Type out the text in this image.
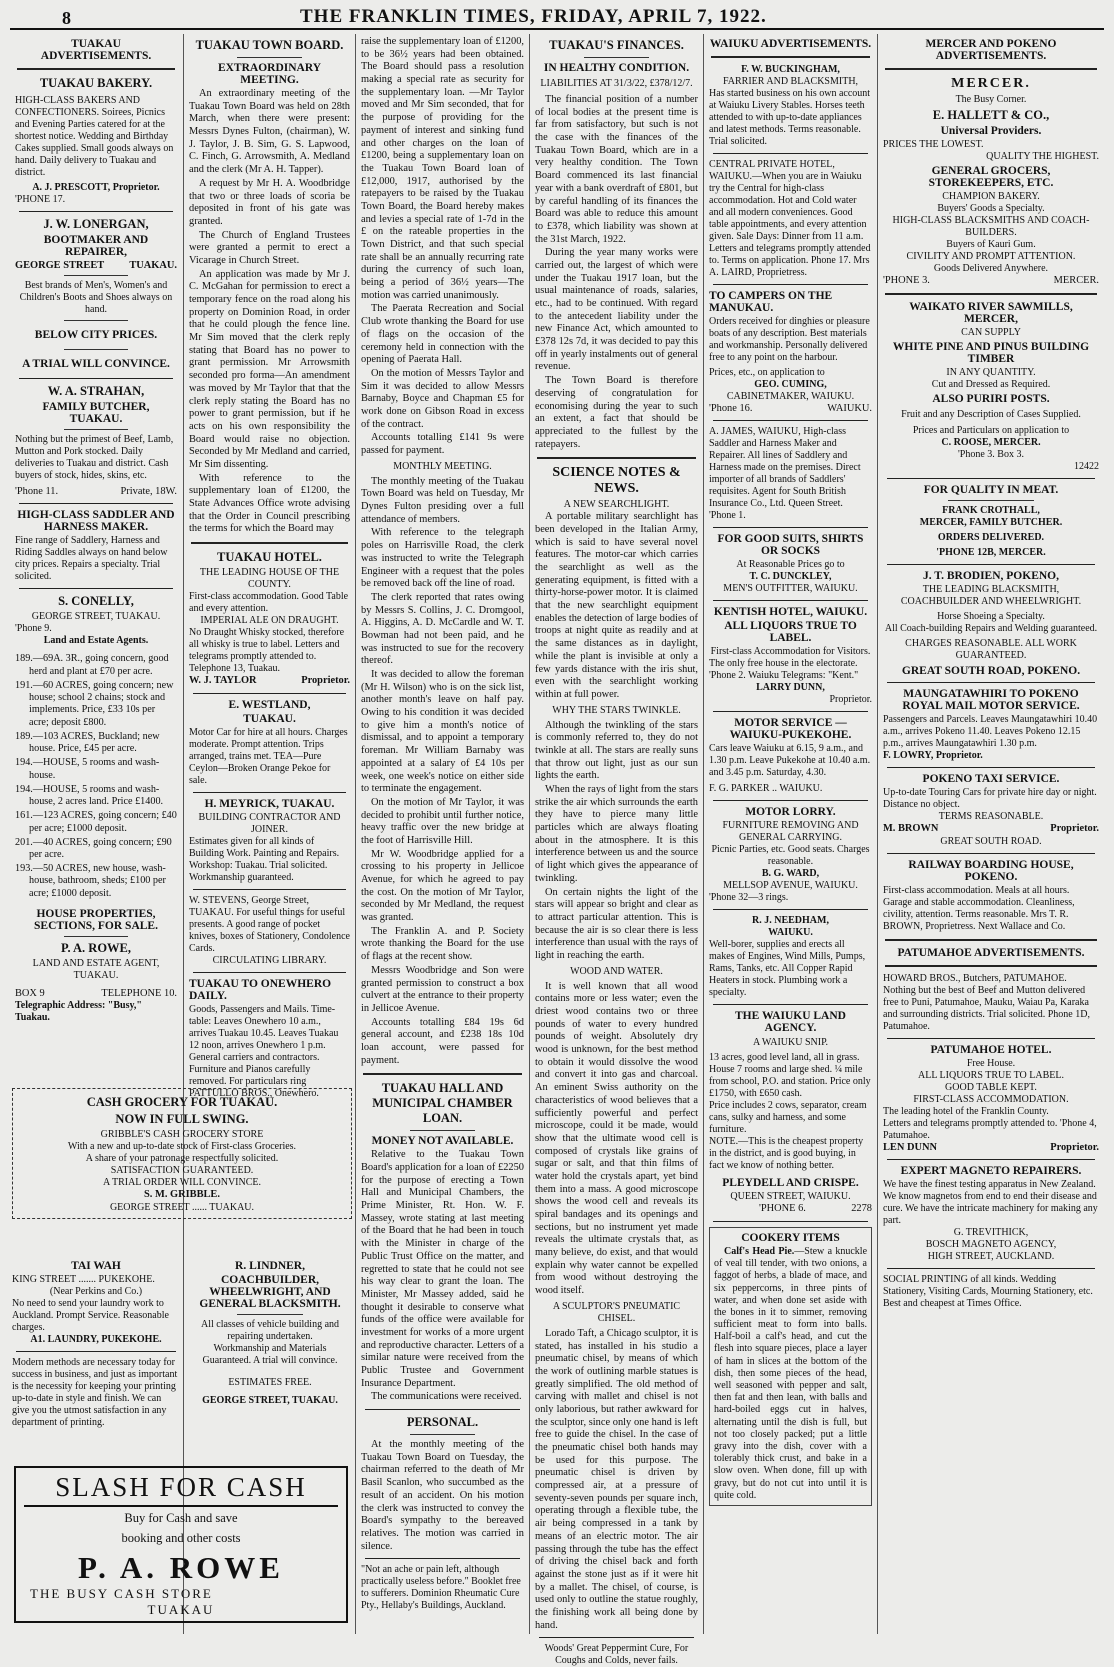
8	THE FRANKLIN TIMES, FRIDAY, APRIL 7, 1922.
TUAKAU ADVERTISEMENTS.
TUAKAU BAKERY.
HIGH-CLASS BAKERS AND CONFECTIONERS. Soirees, Picnics and Evening Parties catered for at the shortest notice. Wedding and Birthday Cakes supplied. Small goods always on hand. Daily delivery to Tuakau and district.
A. J. PRESCOTT, Proprietor.
'PHONE 17.
J. W. LONERGAN,
BOOTMAKER AND REPAIRER,
GEORGE STREET TUAKAU.
Best brands of Men's, Women's and Children's Boots and Shoes always on hand.
BELOW CITY PRICES.
A TRIAL WILL CONVINCE.
W. A. STRAHAN,
FAMILY BUTCHER, TUAKAU.
Nothing but the primest of Beef, Lamb, Mutton and Pork stocked. Daily deliveries to Tuakau and district. Cash buyers of stock, hides, skins, etc.
'Phone 11.	Private, 18W.
HIGH-CLASS SADDLER AND HARNESS MAKER.
Fine range of Saddlery, Harness and Riding Saddles always on hand below city prices. Repairs a specialty. Trial solicited.
S. CONELLY,
GEORGE STREET, TUAKAU.
'Phone 9.
Land and Estate Agents.
189.—69A. 3R., going concern, good herd and plant at £70 per acre.
191.—60 ACRES, going concern; new house; school 2 chains; stock and implements. Price, £33 10s per acre; deposit £800.
189.—103 ACRES, Buckland; new house. Price, £45 per acre.
194.—HOUSE, 5 rooms and wash-house.
194.—HOUSE, 5 rooms and wash-house, 2 acres land. Price £1400.
161.—123 ACRES, going concern; £40 per acre; £1000 deposit.
201.—40 ACRES, going concern; £90 per acre.
193.—50 ACRES, new house, wash-house, bathroom, sheds; £100 per acre; £1000 deposit.
HOUSE PROPERTIES, SECTIONS, FOR SALE.
P. A. ROWE,
LAND AND ESTATE AGENT, TUAKAU.
BOX 9	TELEPHONE 10.
Telegraphic Address: "Busy," Tuakau.
CASH GROCERY FOR TUAKAU.
NOW IN FULL SWING.
GRIBBLE'S CASH GROCERY STORE
With a new and up-to-date stock of First-class Groceries.
A share of your patronage respectfully solicited.
SATISFACTION GUARANTEED.
A TRIAL ORDER WILL CONVINCE.
S. M. GRIBBLE.
GEORGE STREET ...... TUAKAU.
TAI WAH
KING STREET ....... PUKEKOHE.
(Near Perkins and Co.)
No need to send your laundry work to Auckland. Prompt Service. Reasonable charges.
A1. LAUNDRY, PUKEKOHE.
Modern methods are necessary today for success in business, and just as important is the necessity for keeping your printing up-to-date in style and finish. We can give you the utmost satisfaction in any department of printing.
R. LINDNER,
COACHBUILDER, WHEELWRIGHT, AND GENERAL BLACKSMITH.
All classes of vehicle building and repairing undertaken.
Workmanship and Materials Guaranteed. A trial will convince.
ESTIMATES FREE.
GEORGE STREET, TUAKAU.
SLASH FOR CASH
Buy for Cash and save
booking and other costs
P. A. ROWE
THE BUSY CASH STORE
TUAKAU
TUAKAU TOWN BOARD.
EXTRAORDINARY MEETING.

An extraordinary meeting of the Tuakau Town Board was held on 28th March, when there were present: Messrs Dynes Fulton, (chairman), W. J. Taylor, J. B. Sim, G. S. Lapwood, C. Finch, G. Arrowsmith, A. Medland and the clerk (Mr A. H. Tapper).

A request by Mr H. A. Woodbridge that two or three loads of scoria be deposited in front of his gate was granted.

The Church of England Trustees were granted a permit to erect a Vicarage in Church Street.

An application was made by Mr J. C. McGahan for permission to erect a temporary fence on the road along his property on Dominion Road, in order that he could plough the fence line. Mr Sim moved that the clerk reply stating that Board has no power to grant permission. Mr Arrowsmith seconded pro forma—An amendment was moved by Mr Taylor that that the clerk reply stating the Board has no power to grant permission, but if he acts on his own responsibility the Board would raise no objection. Seconded by Mr Medland and carried, Mr Sim dissenting.

With reference to the supplementary loan of £1200, the State Advances Office wrote advising that the Order in Council prescribing the terms for which the Board may

TUAKAU HOTEL.
THE LEADING HOUSE OF THE COUNTY.
First-class accommodation. Good Table and every attention.
IMPERIAL ALE ON DRAUGHT.
No Draught Whisky stocked, therefore all whisky is true to label. Letters and telegrams promptly attended to. Telephone 13, Tuakau.
W. J. TAYLOR	Proprietor.
E. WESTLAND,
TUAKAU.
Motor Car for hire at all hours. Charges moderate. Prompt attention. Trips arranged, trains met. TEA—Pure Ceylon—Broken Orange Pekoe for sale.
H. MEYRICK, TUAKAU.
BUILDING CONTRACTOR AND JOINER.
Estimates given for all kinds of Building Work. Painting and Repairs. Workshop: Tuakau. Trial solicited. Workmanship guaranteed.
W. STEVENS, George Street, TUAKAU. For useful things for useful presents. A good range of pocket knives, boxes of Stationery, Condolence Cards.
CIRCULATING LIBRARY.
TUAKAU TO ONEWHERO DAILY.
Goods, Passengers and Mails. Time-table: Leaves Onewhero 10 a.m., arrives Tuakau 10.45. Leaves Tuakau 12 noon, arrives Onewhero 1 p.m. General carriers and contractors. Furniture and Pianos carefully removed. For particulars ring PATTULLO BROS., Onewhero.

raise the supplementary loan of £1200, to be 36½ years had been obtained. The Board should pass a resolution making a special rate as security for the supplementary loan. —Mr Taylor moved and Mr Sim seconded, that for the purpose of providing for the payment of interest and sinking fund and other charges on the loan of £1200, being a supplementary loan on the Tuakau Town Board loan of £12,000, 1917, authorised by the ratepayers to be raised by the Tuakau Town Board, the Board hereby makes and levies a special rate of 1-7d in the £ on the rateable properties in the Town District, and that such special rate shall be an annually recurring rate during the currency of such loan, being a period of 36½ years—The motion was carried unanimously.

The Paerata Recreation and Social Club wrote thanking the Board for use of flags on the occasion of the ceremony held in connection with the opening of Paerata Hall.

On the motion of Messrs Taylor and Sim it was decided to allow Messrs Barnaby, Boyce and Chapman £5 for work done on Gibson Road in excess of the contract.

Accounts totalling £141 9s were passed for payment.

MONTHLY MEETING.

The monthly meeting of the Tuakau Town Board was held on Tuesday, Mr Dynes Fulton presiding over a full attendance of members.

With reference to the telegraph poles on Harrisville Road, the clerk was instructed to write the Telegraph Engineer with a request that the poles be removed back off the line of road.

The clerk reported that rates owing by Messrs S. Collins, J. C. Dromgool, A. Higgins, A. D. McCardle and W. T. Bowman had not been paid, and he was instructed to sue for the recovery thereof.

It was decided to allow the foreman (Mr H. Wilson) who is on the sick list, another month's leave on half pay. Owing to his condition it was decided to give him a month's notice of dismissal, and to appoint a temporary foreman. Mr William Barnaby was appointed at a salary of £4 10s per week, one week's notice on either side to terminate the engagement.

On the motion of Mr Taylor, it was decided to prohibit until further notice, heavy traffic over the new bridge at the foot of Harrisville Hill.

Mr W. Woodbridge applied for a crossing to his property in Jellicoe Avenue, for which he agreed to pay the cost. On the motion of Mr Taylor, seconded by Mr Medland, the request was granted.

The Franklin A. and P. Society wrote thanking the Board for the use of flags at the recent show.

Messrs Woodbridge and Son were granted permission to construct a box culvert at the entrance to their property in Jellicoe Avenue.

Accounts totalling £84 19s 6d general account, and £238 18s 10d loan account, were passed for payment.

TUAKAU HALL AND MUNICIPAL CHAMBER LOAN.
MONEY NOT AVAILABLE.

Relative to the Tuakau Town Board's application for a loan of £2250 for the purpose of erecting a Town Hall and Municipal Chambers, the Prime Minister, Rt. Hon. W. F. Massey, wrote stating at last meeting of the Board that he had been in touch with the Minister in charge of the Public Trust Office on the matter, and regretted to state that he could not see his way clear to grant the loan. The Minister, Mr Massey added, said he thought it desirable to conserve what funds of the office were available for investment for works of a more urgent and reproductive character. Letters of a similar nature were received from the Public Trustee and Government Insurance Department.

The communications were received.

PERSONAL.

At the monthly meeting of the Tuakau Town Board on Tuesday, the chairman referred to the death of Mr Basil Scanlon, who succumbed as the result of an accident. On his motion the clerk was instructed to convey the Board's sympathy to the bereaved relatives. The motion was carried in silence.

"Not an ache or pain left, although practically useless before." Booklet free to sufferers. Dominion Rheumatic Cure Pty., Hellaby's Buildings, Auckland.
TUAKAU'S FINANCES.
IN HEALTHY CONDITION.
LIABILITIES AT 31/3/22, £378/12/7.

The financial position of a number of local bodies at the present time is far from satisfactory, but such is not the case with the finances of the Tuakau Town Board, which are in a very healthy condition. The Town Board commenced its last financial year with a bank overdraft of £801, but by careful handling of its finances the Board was able to reduce this amount to £378, which liability was shown at the 31st March, 1922.

During the year many works were carried out, the largest of which were under the Tuakau 1917 loan, but the usual maintenance of roads, salaries, etc., had to be continued. With regard to the antecedent liability under the new Finance Act, which amounted to £378 12s 7d, it was decided to pay this off in yearly instalments out of general revenue.

The Town Board is therefore deserving of congratulation for economising during the year to such an extent, a fact that should be appreciated to the fullest by the ratepayers.

SCIENCE NOTES & NEWS.
A NEW SEARCHLIGHT.

A portable military searchlight has been developed in the Italian Army, which is said to have several novel features. The motor-car which carries the searchlight as well as the generating equipment, is fitted with a thirty-horse-power motor. It is claimed that the new searchlight equipment enables the detection of large bodies of troops at night quite as readily and at the same distances as in daylight, while the plant is invisible at only a few yards distance with the iris shut, even with the searchlight working within at full power.

WHY THE STARS TWINKLE.

Although the twinkling of the stars is commonly referred to, they do not twinkle at all. The stars are really suns that throw out light, just as our sun lights the earth.

When the rays of light from the stars strike the air which surrounds the earth they have to pierce many little particles which are always floating about in the atmosphere. It is this interference between us and the source of light which gives the appearance of twinkling.

On certain nights the light of the stars will appear so bright and clear as to attract particular attention. This is because the air is so clear there is less interference than usual with the rays of light in reaching the earth.

WOOD AND WATER.

It is well known that all wood contains more or less water; even the driest wood contains two or three pounds of water to every hundred pounds of weight. Absolutely dry wood is unknown, for the best method to obtain it would dissolve the wood and convert it into gas and charcoal. An eminent Swiss authority on the characteristics of wood believes that a sufficiently powerful and perfect microscope, could it be made, would show that the ultimate wood cell is composed of crystals like grains of sugar or salt, and that thin films of water hold the crystals apart, yet bind them into a mass. A good microscope shows the wood cell and reveals its spiral bandages and its openings and sections, but no instrument yet made reveals the ultimate crystals that, as many believe, do exist, and that would explain why water cannot be expelled from wood without destroying the wood itself.

A SCULPTOR'S PNEUMATIC CHISEL.

Lorado Taft, a Chicago sculptor, it is stated, has installed in his studio a pneumatic chisel, by means of which the work of outlining marble statues is greatly simplified. The old method of carving with mallet and chisel is not only laborious, but rather awkward for the sculptor, since only one hand is left free to guide the chisel. In the case of the pneumatic chisel both hands may be used for this purpose. The pneumatic chisel is driven by compressed air, at a pressure of seventy-seven pounds per square inch, operating through a flexible tube, the air being compressed in a tank by means of an electric motor. The air passing through the tube has the effect of driving the chisel back and forth against the stone just as if it were hit by a mallet. The chisel, of course, is used only to outline the statue roughly, the finishing work all being done by hand.

Woods' Great Peppermint Cure, For Coughs and Colds, never fails.
WAIUKU ADVERTISEMENTS.
F. W. BUCKINGHAM,
FARRIER AND BLACKSMITH,
Has started business on his own account at Waiuku Livery Stables. Horses teeth attended to with up-to-date appliances and latest methods. Terms reasonable. Trial solicited.
CENTRAL PRIVATE HOTEL, WAIUKU.—When you are in Waiuku try the Central for high-class accommodation. Hot and Cold water and all modern conveniences. Good table appointments, and every attention given. Sale Days: Dinner from 11 a.m. Letters and telegrams promptly attended to. Terms on application. Phone 17. Mrs A. LAIRD, Proprietress.
TO CAMPERS ON THE MANUKAU.
Orders received for dinghies or pleasure boats of any description. Best materials and workmanship. Personally delivered free to any point on the harbour.
Prices, etc., on application to
GEO. CUMING,
CABINETMAKER, WAIUKU.
'Phone 16.	WAIUKU.
A. JAMES, WAIUKU, High-class Saddler and Harness Maker and Repairer. All lines of Saddlery and Harness made on the premises. Direct importer of all brands of Saddlers' requisites. Agent for South British Insurance Co., Ltd. Queen Street. 'Phone 1.
FOR GOOD SUITS, SHIRTS OR SOCKS
At Reasonable Prices go to
T. C. DUNCKLEY,
MEN'S OUTFITTER, WAIUKU.
KENTISH HOTEL, WAIUKU.
ALL LIQUORS TRUE TO LABEL.
First-class Accommodation for Visitors.
The only free house in the electorate. 'Phone 2. Waiuku Telegrams: "Kent."
LARRY DUNN,
Proprietor.
MOTOR SERVICE — WAIUKU-PUKEKOHE.
Cars leave Waiuku at 6.15, 9 a.m., and 1.30 p.m. Leave Pukekohe at 10.40 a.m. and 3.45 p.m. Saturday, 4.30.
F. G. PARKER .. WAIUKU.
MOTOR LORRY.
FURNITURE REMOVING AND GENERAL CARRYING.
Picnic Parties, etc. Good seats. Charges reasonable.
B. G. WARD,
MELLSOP AVENUE, WAIUKU.
'Phone 32—3 rings.
R. J. NEEDHAM,
WAIUKU.
Well-borer, supplies and erects all makes of Engines, Wind Mills, Pumps, Rams, Tanks, etc. All Copper Rapid Heaters in stock. Plumbing work a specialty.
THE WAIUKU LAND AGENCY.
A WAIUKU SNIP.
13 acres, good level land, all in grass. House 7 rooms and large shed. ¼ mile from school, P.O. and station. Price only £1750, with £650 cash.
Price includes 2 cows, separator, cream cans, sulky and harness, and some furniture.
NOTE.—This is the cheapest property in the district, and is good buying, in fact we know of nothing better.
PLEYDELL AND CRISPE.
QUEEN STREET, WAIUKU.
'PHONE 6.	2278
COOKERY ITEMS

Calf's Head Pie.—Stew a knuckle of veal till tender, with two onions, a faggot of herbs, a blade of mace, and six peppercorns, in three pints of water, and when done set aside with the bones in it to simmer, removing sufficient meat to form into balls. Half-boil a calf's head, and cut the flesh into square pieces, place a layer of ham in slices at the bottom of the dish, then some pieces of the head, well seasoned with pepper and salt, then fat and then lean, with balls and hard-boiled eggs cut in halves, alternating until the dish is full, but not too closely packed; put a little gravy into the dish, cover with a tolerably thick crust, and bake in a slow oven. When done, fill up with gravy, but do not cut into until it is quite cold.

MERCER AND POKENO ADVERTISEMENTS.
MERCER.
The Busy Corner.
E. HALLETT & CO.,
Universal Providers.
PRICES THE LOWEST.
QUALITY THE HIGHEST.
GENERAL GROCERS, STOREKEEPERS, ETC.
CHAMPION BAKERY.
Buyers' Goods a Specialty.
HIGH-CLASS BLACKSMITHS AND COACH-BUILDERS.
Buyers of Kauri Gum.
CIVILITY AND PROMPT ATTENTION.
Goods Delivered Anywhere.
'PHONE 3.	MERCER.
WAIKATO RIVER SAWMILLS, MERCER,
CAN SUPPLY
WHITE PINE AND PINUS BUILDING TIMBER
IN ANY QUANTITY.
Cut and Dressed as Required.
ALSO PURIRI POSTS.
Fruit and any Description of Cases Supplied.
Prices and Particulars on application to
C. ROOSE, MERCER.
'Phone 3. Box 3.
12422
FOR QUALITY IN MEAT.
FRANK CROTHALL,
MERCER, FAMILY BUTCHER.
ORDERS DELIVERED.
'PHONE 12B, MERCER.
J. T. BRODIEN, POKENO,
THE LEADING BLACKSMITH, COACHBUILDER AND WHEELWRIGHT.
Horse Shoeing a Specialty.
All Coach-building Repairs and Welding guaranteed.
CHARGES REASONABLE. ALL WORK GUARANTEED.
GREAT SOUTH ROAD, POKENO.
MAUNGATAWHIRI TO POKENO ROYAL MAIL MOTOR SERVICE.
Passengers and Parcels. Leaves Maungatawhiri 10.40 a.m., arrives Pokeno 11.40. Leaves Pokeno 12.15 p.m., arrives Maungatawhiri 1.30 p.m.
F. LOWRY, Proprietor.
POKENO TAXI SERVICE.
Up-to-date Touring Cars for private hire day or night. Distance no object.
TERMS REASONABLE.
M. BROWN	Proprietor.
GREAT SOUTH ROAD.
RAILWAY BOARDING HOUSE, POKENO.
First-class accommodation. Meals at all hours. Garage and stable accommodation. Cleanliness, civility, attention. Terms reasonable. Mrs T. R. BROWN, Proprietress. Next Wallace and Co.
PATUMAHOE ADVERTISEMENTS.
HOWARD BROS., Butchers, PATUMAHOE. Nothing but the best of Beef and Mutton delivered free to Puni, Patumahoe, Mauku, Waiau Pa, Karaka and surrounding districts. Trial solicited. Phone 1D, Patumahoe.
PATUMAHOE HOTEL.
Free House.
ALL LIQUORS TRUE TO LABEL.
GOOD TABLE KEPT.
FIRST-CLASS ACCOMMODATION.
The leading hotel of the Franklin County.
Letters and telegrams promptly attended to. 'Phone 4, Patumahoe.
LEN DUNN	Proprietor.
EXPERT MAGNETO REPAIRERS.
We have the finest testing apparatus in New Zealand. We know magnetos from end to end their disease and cure. We have the intricate machinery for making any part.
G. TREVITHICK,
BOSCH MAGNETO AGENCY,
HIGH STREET, AUCKLAND.
SOCIAL PRINTING of all kinds. Wedding Stationery, Visiting Cards, Mourning Stationery, etc. Best and cheapest at Times Office.
